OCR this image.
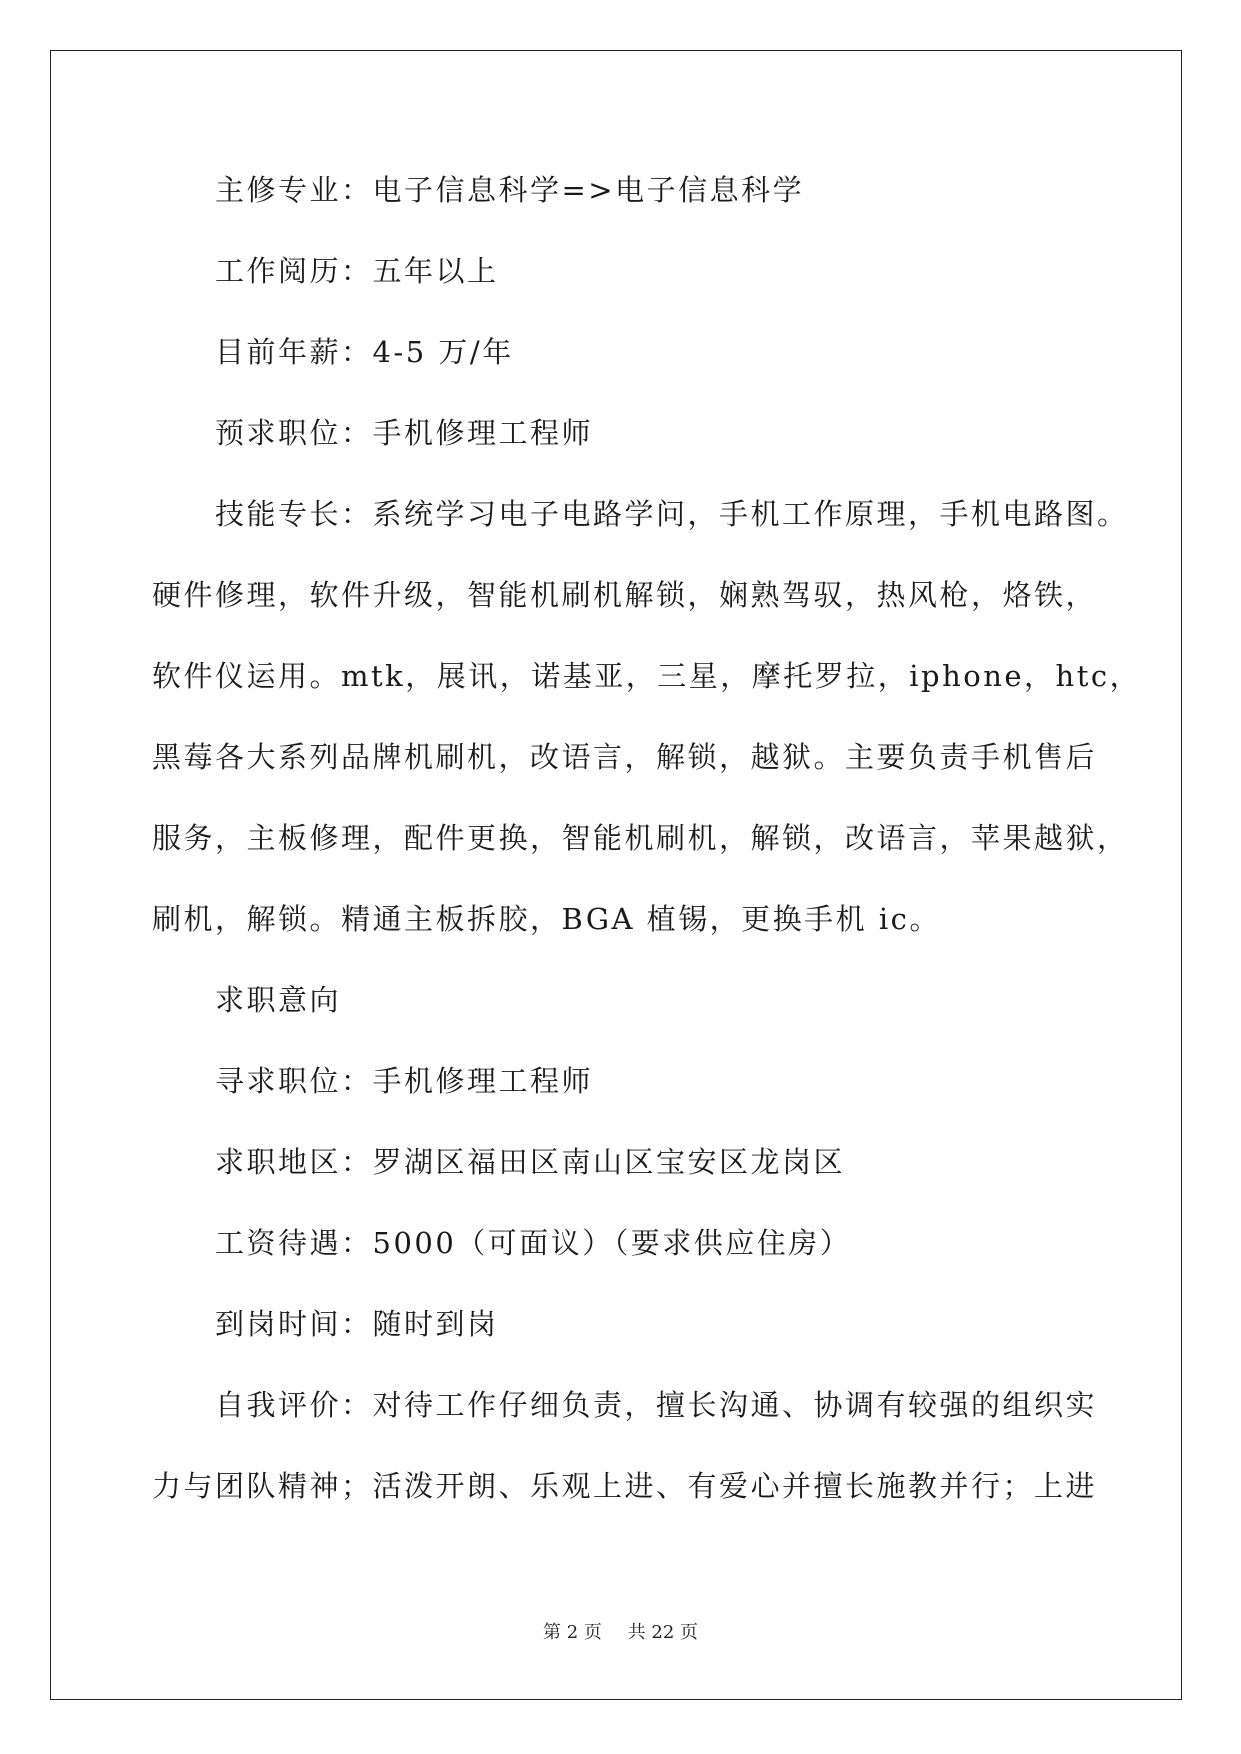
主修专业：电子信息科学=>电子信息科学
工作阅历：五年以上
目前年薪：4-5 万/年
预求职位：手机修理工程师
技能专长：系统学习电子电路学问，手机工作原理，手机电路图。
硬件修理，软件升级，智能机刷机解锁，娴熟驾驭，热风枪，烙铁，
软件仪运用。mtk，展讯，诺基亚，三星，摩托罗拉，iphone，htc，
黑莓各大系列品牌机刷机，改语言，解锁，越狱。主要负责手机售后
服务，主板修理，配件更换，智能机刷机，解锁，改语言，苹果越狱，
刷机，解锁。精通主板拆胶，BGA 植锡，更换手机 ic。
求职意向
寻求职位：手机修理工程师
求职地区：罗湖区福田区南山区宝安区龙岗区
工资待遇：5000（可面议）（要求供应住房）
到岗时间：随时到岗
自我评价：对待工作仔细负责，擅长沟通、协调有较强的组织实
力与团队精神；活泼开朗、乐观上进、有爱心并擅长施教并行；上进
第 2 页 共 22 页
